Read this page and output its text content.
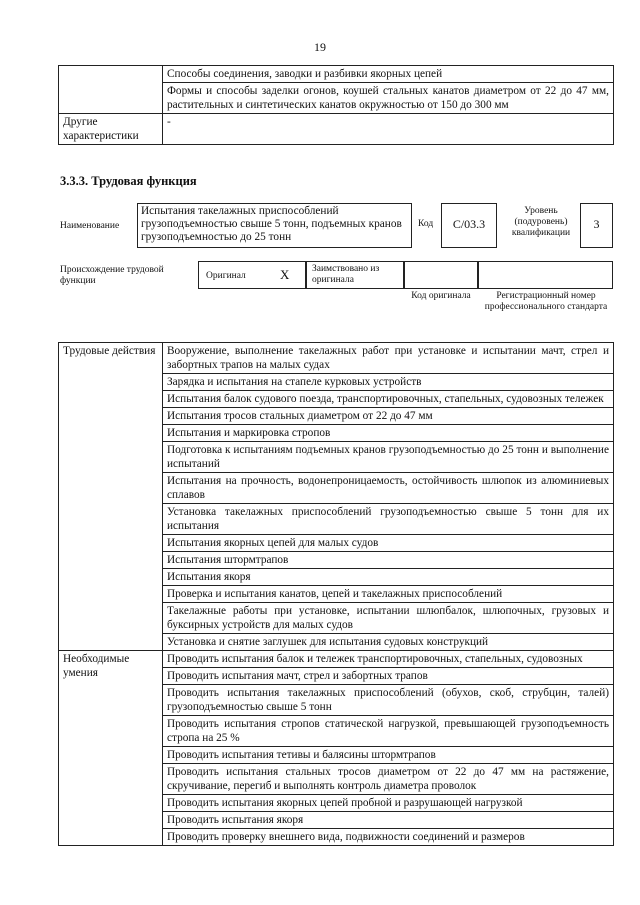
19
	Способы соединения, заводки и разбивки якорных цепей
	Формы и способы заделки огонов, коушей стальных канатов диаметром от 22 до 47 мм, растительных и синтетических канатов окружностью от 150 до 300 мм
Другие характеристики	-
3.3.3. Трудовая функция
Наименование
Испытания такелажных приспособлений грузоподъемностью свыше 5 тонн, подъемных кранов грузоподъемностью до 25 тонн
Код	C/03.3
Уровень (подуровень) квалификации
3
Происхождение трудовой функции	Оригинал	X Заимствовано из оригинала
Код оригинала	Регистрационный номер профессионального стандарта
Трудовые действия	Вооружение, выполнение такелажных работ при установке и испытании мачт, стрел и забортных трапов на малых судах
	Зарядка и испытания на стапеле курковых устройств
	Испытания балок судового поезда, транспортировочных, стапельных, судовозных тележек
	Испытания тросов стальных диаметром от 22 до 47 мм
	Испытания и маркировка стропов
	Подготовка к испытаниям подъемных кранов грузоподъемностью до 25 тонн и выполнение испытаний
	Испытания на прочность, водонепроницаемость, остойчивость шлюпок из алюминиевых сплавов
	Установка такелажных приспособлений грузоподъемностью свыше 5 тонн для их испытания
	Испытания якорных цепей для малых судов
	Испытания штормтрапов
	Испытания якоря
	Проверка и испытания канатов, цепей и такелажных приспособлений
	Такелажные работы при установке, испытании шлюпбалок, шлюпочных, грузовых и буксирных устройств для малых судов
	Установка и снятие заглушек для испытания судовых конструкций
Необходимые умения	Проводить испытания балок и тележек транспортировочных, стапельных, судовозных
	Проводить испытания мачт, стрел и забортных трапов
	Проводить испытания такелажных приспособлений (обухов, скоб, струбцин, талей) грузоподъемностью свыше 5 тонн
	Проводить испытания стропов статической нагрузкой, превышающей грузоподъемность стропа на 25 %
	Проводить испытания тетивы и балясины штормтрапов
	Проводить испытания стальных тросов диаметром от 22 до 47 мм на растяжение, скручивание, перегиб и выполнять контроль диаметра проволок
	Проводить испытания якорных цепей пробной и разрушающей нагрузкой
	Проводить испытания якоря
	Проводить проверку внешнего вида, подвижности соединений и размеров
